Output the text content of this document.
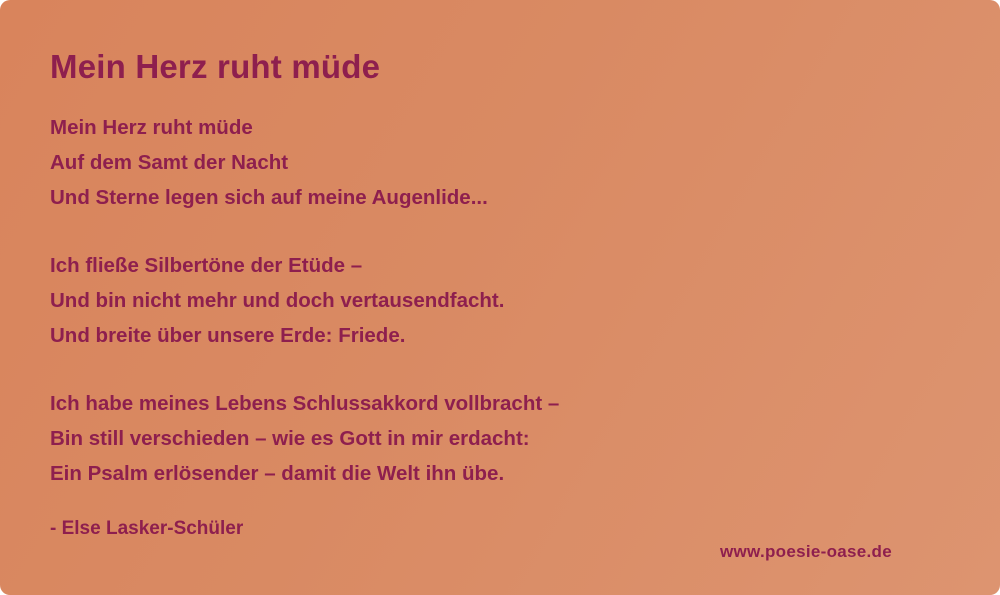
Mein Herz ruht müde
Mein Herz ruht müde
Auf dem Samt der Nacht
Und Sterne legen sich auf meine Augenlide...
Ich fließe Silbertöne der Etüde –
Und bin nicht mehr und doch vertausendfacht.
Und breite über unsere Erde: Friede.
Ich habe meines Lebens Schlussakkord vollbracht –
Bin still verschieden – wie es Gott in mir erdacht:
Ein Psalm erlösender – damit die Welt ihn übe.
- Else Lasker-Schüler
www.poesie-oase.de
